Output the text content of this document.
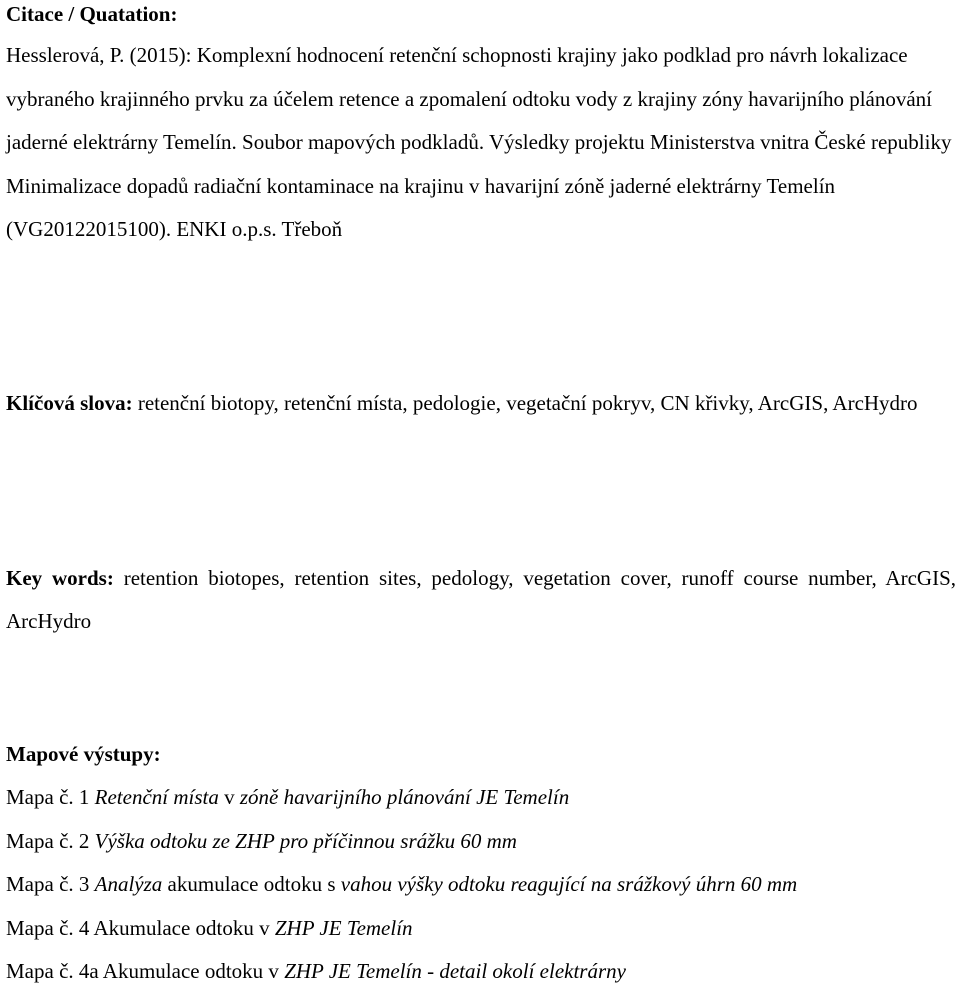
Citace / Quatation:

Hesslerová, P. (2015): Komplexní hodnocení retenční schopnosti krajiny jako podklad pro návrh lokalizace vybraného krajinného prvku za účelem retence a zpomalení odtoku vody z krajiny zóny havarijního plánování jaderné elektrárny Temelín. Soubor mapových podkladů. Výsledky projektu Ministerstva vnitra České republiky Minimalizace dopadů radiační kontaminace na krajinu v havarijní zóně jaderné elektrárny Temelín (VG20122015100). ENKI o.p.s. Třeboň

Klíčová slova: retenční biotopy, retenční místa, pedologie, vegetační pokryv, CN křivky, ArcGIS, ArcHydro

Key words: retention biotopes, retention sites, pedology, vegetation cover, runoff course number, ArcGIS, ArcHydro

Mapové výstupy:

Mapa č. 1 Retenční místa v zóně havarijního plánování JE Temelín
Mapa č. 2 Výška odtoku ze ZHP pro příčinnou srážku 60 mm
Mapa č. 3 Analýza akumulace odtoku s vahou výšky odtoku reagující na srážkový úhrn 60 mm
Mapa č. 4 Akumulace odtoku v ZHP JE Temelín
Mapa č. 4a Akumulace odtoku v ZHP JE Temelín - detail okolí elektrárny
